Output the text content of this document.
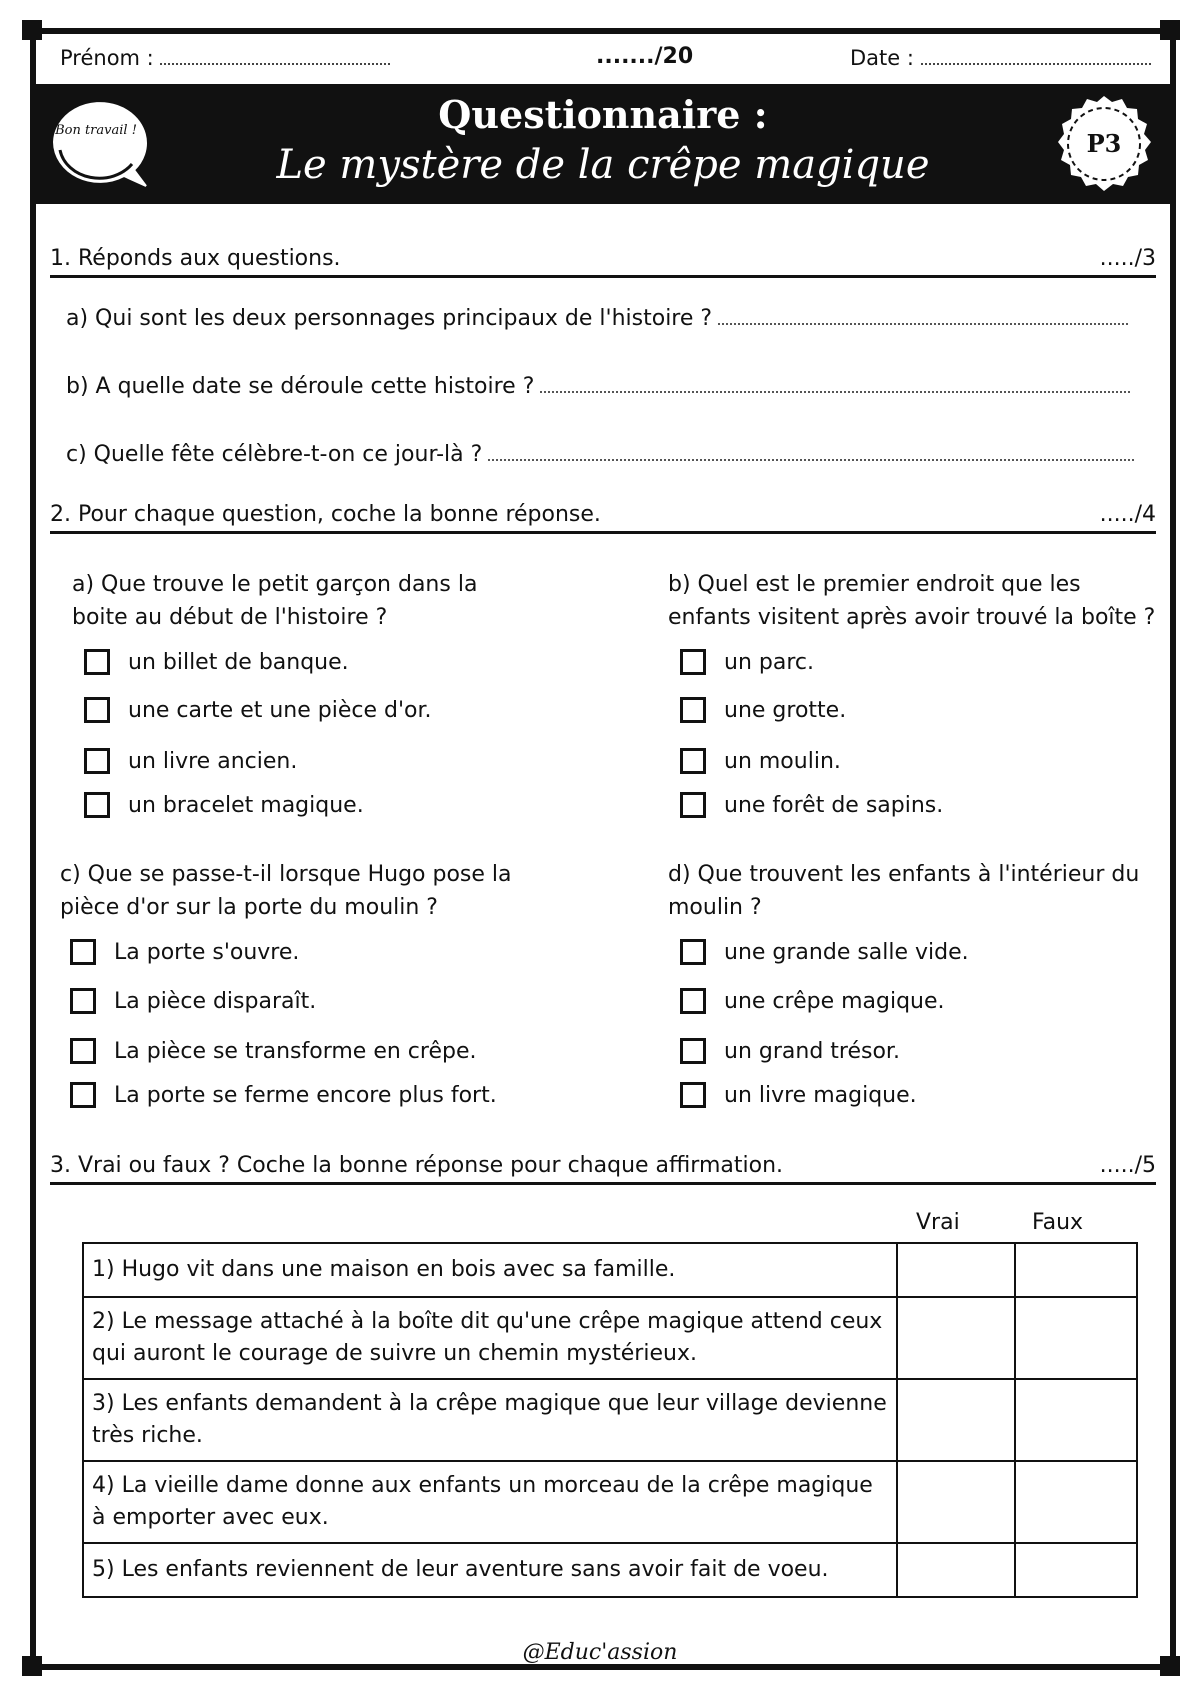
Prénom :	......./20	Date :
Bon travail !	Questionnaire :
Le mystère de la crêpe magique	P3
1. Réponds aux questions.	...../3
a) Qui sont les deux personnages principaux de l'histoire ?
b) A quelle date se déroule cette histoire ?
c) Quelle fête célèbre-t-on ce jour-là ?
2. Pour chaque question, coche la bonne réponse.	...../4
a) Que trouve le petit garçon dans la boite au début de l'histoire ?
un billet de banque.
une carte et une pièce d'or.
un livre ancien.
un bracelet magique.
b) Quel est le premier endroit que les enfants visitent après avoir trouvé la boîte ?
un parc.
une grotte.
un moulin.
une forêt de sapins.
c) Que se passe-t-il lorsque Hugo pose la pièce d'or sur la porte du moulin ?
La porte s'ouvre.
La pièce disparaît.
La pièce se transforme en crêpe.
La porte se ferme encore plus fort.
d) Que trouvent les enfants à l'intérieur du moulin ?
une grande salle vide.
une crêpe magique.
un grand trésor.
un livre magique.
3. Vrai ou faux ? Coche la bonne réponse pour chaque affirmation.	...../5
Vrai	Faux
1) Hugo vit dans une maison en bois avec sa famille.		
2) Le message attaché à la boîte dit qu'une crêpe magique attend ceux qui auront le courage de suivre un chemin mystérieux.		
3) Les enfants demandent à la crêpe magique que leur village devienne très riche.		
4) La vieille dame donne aux enfants un morceau de la crêpe magique à emporter avec eux.		
5) Les enfants reviennent de leur aventure sans avoir fait de voeu.		
@Educ'assion
